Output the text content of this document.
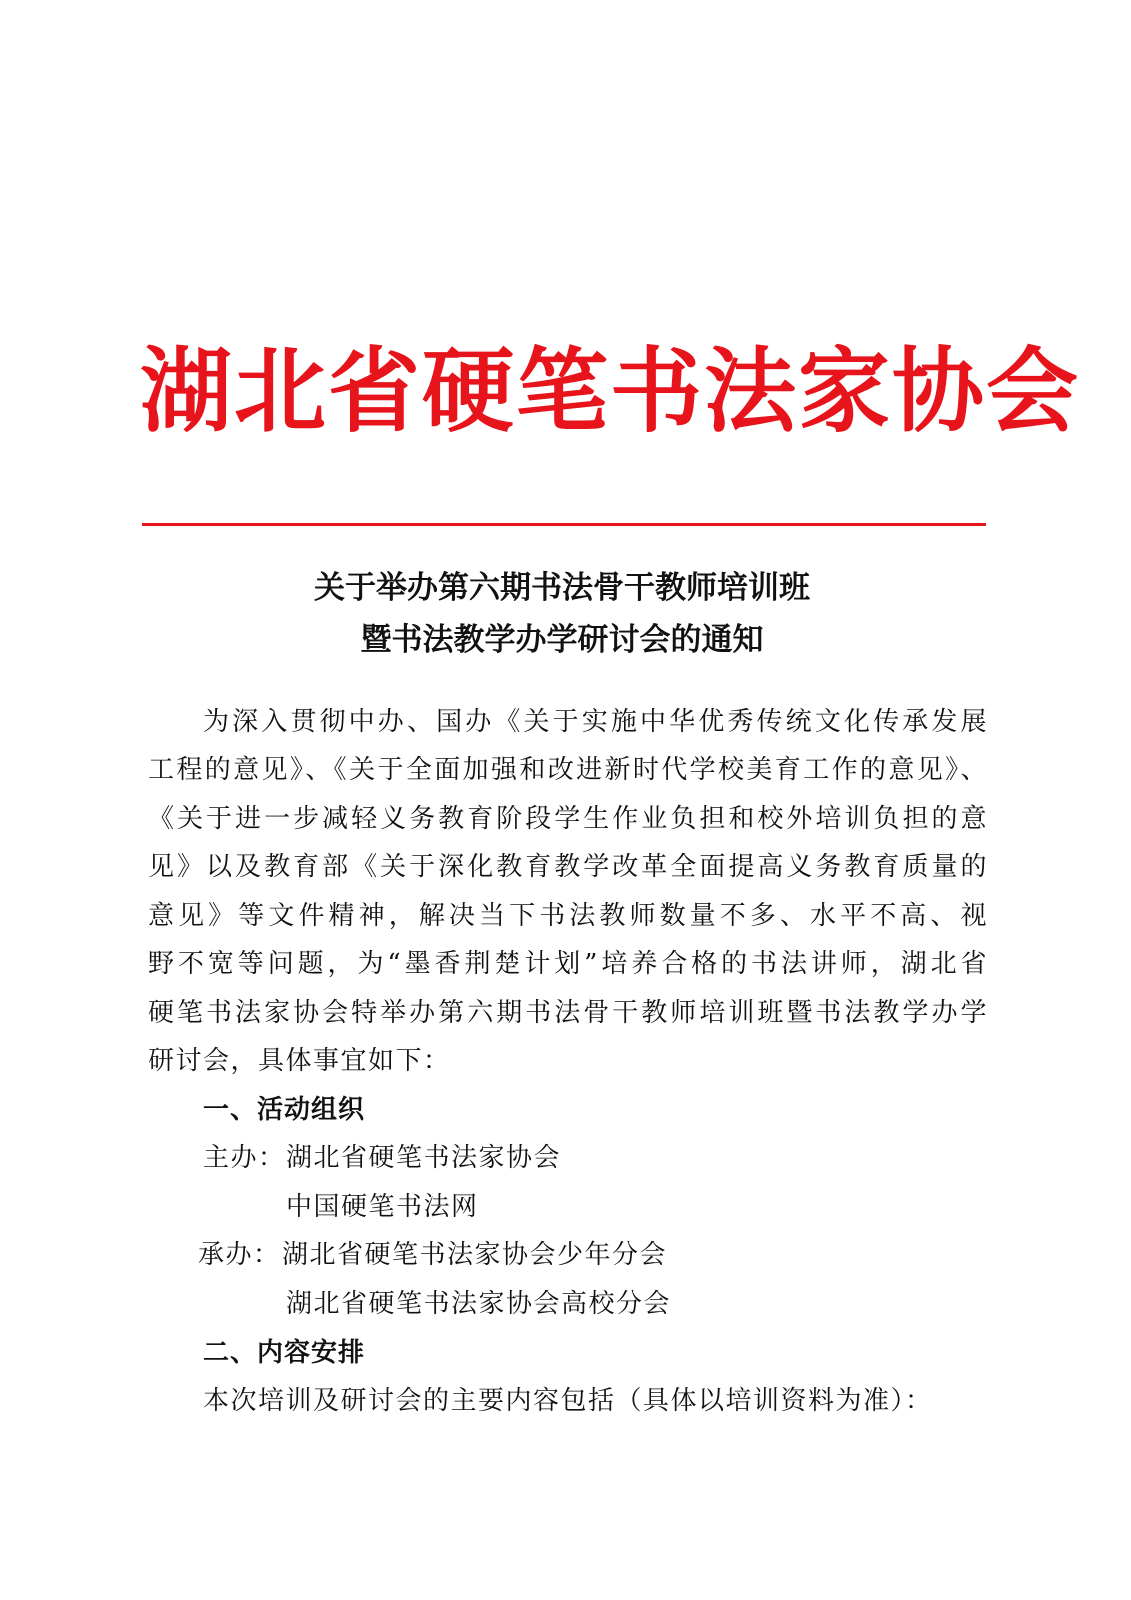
湖北省硬笔书法家协会
关于举办第六期书法骨干教师培训班
暨书法教学办学研讨会的通知
为深入贯彻中办、国办《关于实施中华优秀传统文化传承发展
工程的意见》、《关于全面加强和改进新时代学校美育工作的意见》、
《关于进一步减轻义务教育阶段学生作业负担和校外培训负担的意
见》以及教育部《关于深化教育教学改革全面提高义务教育质量的
意见》等文件精神，解决当下书法教师数量不多、水平不高、视
野不宽等问题，为“墨香荆楚计划”培养合格的书法讲师，湖北省
硬笔书法家协会特举办第六期书法骨干教师培训班暨书法教学办学
研讨会，具体事宜如下：
一、活动组织
主办： 湖北省硬笔书法家协会
中国硬笔书法网
承办： 湖北省硬笔书法家协会少年分会
湖北省硬笔书法家协会高校分会
二、内容安排
本次培训及研讨会的主要内容包括（具体以培训资料为准）：
